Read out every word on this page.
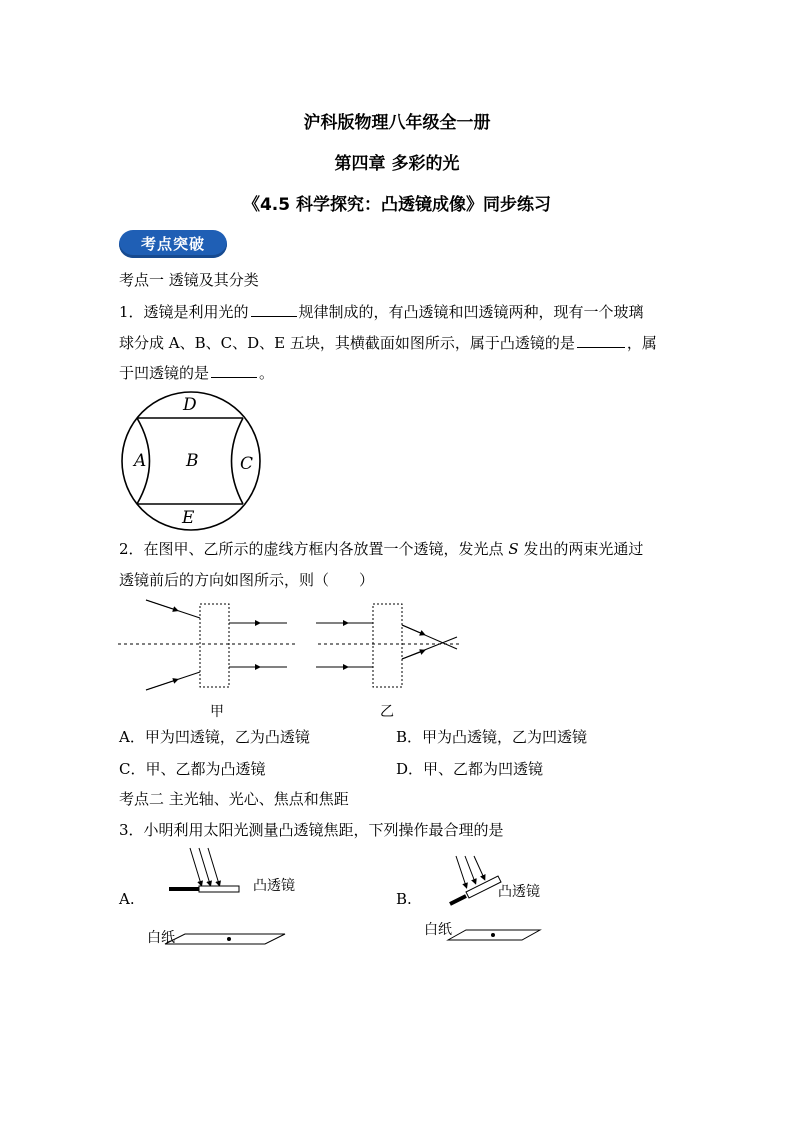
沪科版物理八年级全一册
第四章 多彩的光
《4.5 科学探究：凸透镜成像》同步练习
考点突破
考点一 透镜及其分类
1．透镜是利用光的	规律制成的，有凸透镜和凹透镜两种，现有一个玻璃
球分成 A、B、C、D、E 五块，其横截面如图所示，属于凸透镜的是	，属
于凹透镜的是	。
D
A B C
E
2．在图甲、乙所示的虚线方框内各放置一个透镜，发光点 S 发出的两束光通过
透镜前后的方向如图所示，则（　　）
甲	乙
A．甲为凹透镜，乙为凸透镜	B．甲为凸透镜，乙为凹透镜
C．甲、乙都为凸透镜	D．甲、乙都为凹透镜
考点二 主光轴、光心、焦点和焦距
3．小明利用太阳光测量凸透镜焦距，下列操作最合理的是
A.	B.
凸透镜
白纸
凸透镜
白纸
